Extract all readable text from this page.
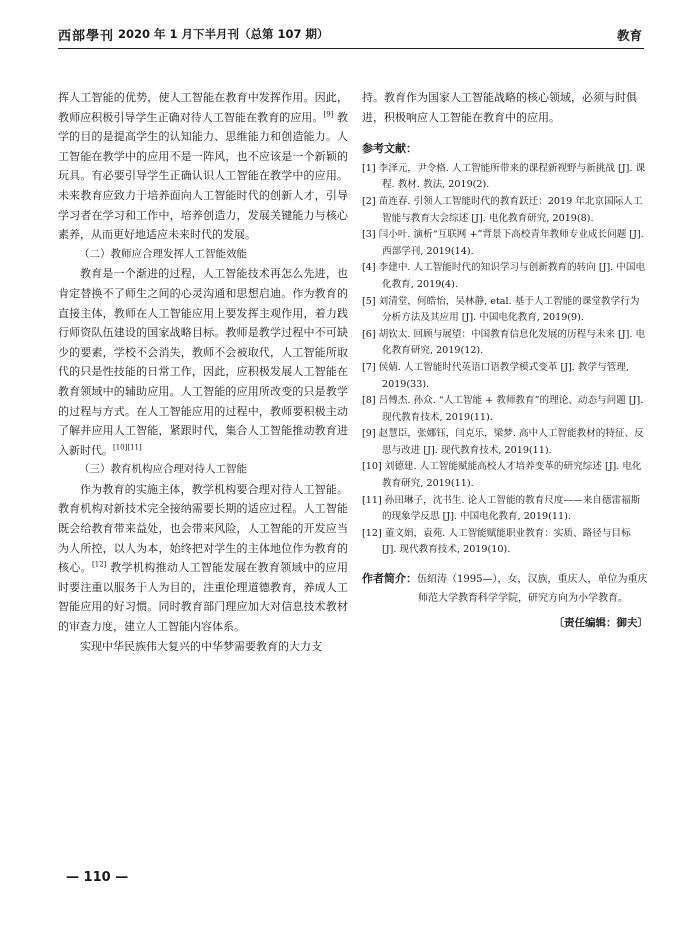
西部學刊 2020 年 1 月下半月刊（总第 107 期）	教育

挥人工智能的优势，使人工智能在教育中发挥作用。因此，教师应积极引导学生正确对待人工智能在教育的应用。[9] 教学的目的是提高学生的认知能力、思维能力和创造能力。人工智能在教学中的应用不是一阵风，也不应该是一个新颖的玩具。有必要引导学生正确认识人工智能在教学中的应用。未来教育应致力于培养面向人工智能时代的创新人才，引导学习者在学习和工作中，培养创造力，发展关键能力与核心素养，从而更好地适应未来时代的发展。

（二）教师应合理发挥人工智能效能

教育是一个渐进的过程，人工智能技术再怎么先进，也肯定替换不了师生之间的心灵沟通和思想启迪。作为教育的直接主体，教师在人工智能应用上要发挥主观作用，着力践行师资队伍建设的国家战略目标。教师是教学过程中不可缺少的要素，学校不会消失，教师不会被取代，人工智能所取代的只是性技能的日常工作，因此，应积极发展人工智能在教育领域中的辅助应用。人工智能的应用所改变的只是教学的过程与方式。在人工智能应用的过程中，教师要积极主动了解并应用人工智能，紧跟时代，集合人工智能推动教育进入新时代。[10][11]

（三）教育机构应合理对待人工智能

作为教育的实施主体，教学机构要合理对待人工智能。教育机构对新技术完全接纳需要长期的适应过程。人工智能既会给教育带来益处，也会带来风险，人工智能的开发应当为人所控，以人为本，始终把对学生的主体地位作为教育的核心。[12] 教学机构推动人工智能发展在教育领域中的应用时要注重以服务于人为目的，注重伦理道德教育，养成人工智能应用的好习惯。同时教育部门理应加大对信息技术教材的审查力度，建立人工智能内容体系。

实现中华民族伟大复兴的中华梦需要教育的大力支

持。教育作为国家人工智能战略的核心领域，必须与时俱进，积极响应人工智能在教育中的应用。

参考文献：
[1] 李泽元，尹令格. 人工智能所带来的课程新视野与新挑战 [J]. 课程. 教材. 教法, 2019(2).
[2] 苗连春. 引领人工智能时代的教育跃迁：2019 年北京国际人工智能与教育大会综述 [J]. 电化教育研究, 2019(8).
[3] 闫小叶. 演析“互联网 +”背景下高校青年教师专业成长问题 [J]. 西部学刊, 2019(14).
[4] 李建中. 人工智能时代的知识学习与创新教育的转向 [J]. 中国电化教育, 2019(4).
[5] 刘清堂，何皓怡，吴林静, etal. 基于人工智能的课堂教学行为分析方法及其应用 [J]. 中国电化教育, 2019(9).
[6] 胡钦太. 回顾与展望：中国教育信息化发展的历程与未来 [J]. 电化教育研究, 2019(12).
[7] 侯婧. 人工智能时代英语口语教学模式变革 [J]. 教学与管理, 2019(33).
[8] 吕傅杰. 孙众. “人工智能 + 教师教育”的理论、动态与问题 [J]. 现代教育技术, 2019(11).
[9] 赵慧臣，张娜钰，闫克乐，梁梦. 高中人工智能教材的特征、反思与改进 [J]. 现代教育技术, 2019(11).
[10] 刘德建. 人工智能赋能高校人才培养变革的研究综述 [J]. 电化教育研究, 2019(11).
[11] 孙田琳子，沈书生. 论人工智能的教育尺度——来自德雷福斯的现象学反思 [J]. 中国电化教育, 2019(11).
[12] 董文娟，袁苑. 人工智能赋能职业教育：实质、路径与目标 [J]. 现代教育技术, 2019(10).
作者简介：伍绍涛（1995—），女，汉族，重庆人，单位为重庆师范大学教育科学学院，研究方向为小学教育。
〔责任编辑：御夫〕
— 110 —
